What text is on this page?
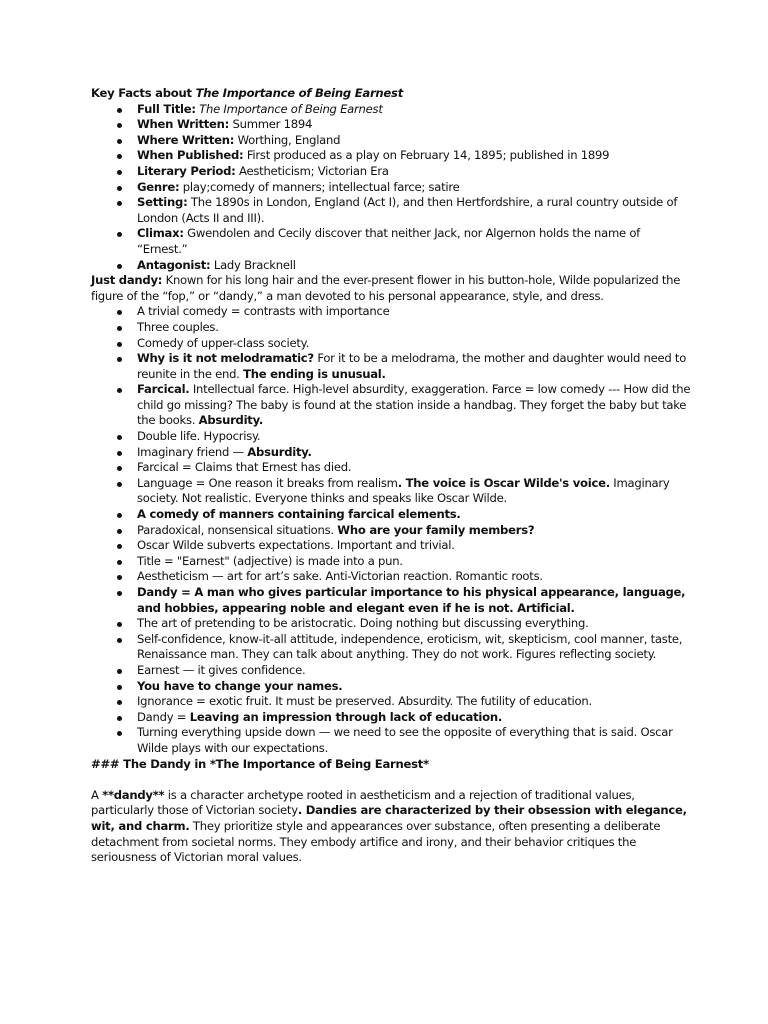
Key Facts about The Importance of Being Earnest

Full Title: The Importance of Being Earnest
When Written: Summer 1894
Where Written: Worthing, England
When Published: First produced as a play on February 14, 1895; published in 1899
Literary Period: Aestheticism; Victorian Era
Genre: play;comedy of manners; intellectual farce; satire
Setting: The 1890s in London, England (Act I), and then Hertfordshire, a rural country outside of London (Acts II and III).
Climax: Gwendolen and Cecily discover that neither Jack, nor Algernon holds the name of “Ernest.”
Antagonist: Lady Bracknell

Just dandy: Known for his long hair and the ever-present flower in his button-hole, Wilde popularized the figure of the “fop,” or “dandy,” a man devoted to his personal appearance, style, and dress.

A trivial comedy = contrasts with importance
Three couples.
Comedy of upper-class society.
Why is it not melodramatic? For it to be a melodrama, the mother and daughter would need to reunite in the end. The ending is unusual.
Farcical. Intellectual farce. High-level absurdity, exaggeration. Farce = low comedy --- How did the child go missing? The baby is found at the station inside a handbag. They forget the baby but take the books. Absurdity.
Double life. Hypocrisy.
Imaginary friend — Absurdity.
Farcical = Claims that Ernest has died.
Language = One reason it breaks from realism. The voice is Oscar Wilde's voice. Imaginary society. Not realistic. Everyone thinks and speaks like Oscar Wilde.
A comedy of manners containing farcical elements.
Paradoxical, nonsensical situations. Who are your family members?
Oscar Wilde subverts expectations. Important and trivial.
Title = "Earnest" (adjective) is made into a pun.
Aestheticism — art for art’s sake. Anti-Victorian reaction. Romantic roots.
Dandy = A man who gives particular importance to his physical appearance, language, and hobbies, appearing noble and elegant even if he is not. Artificial.
The art of pretending to be aristocratic. Doing nothing but discussing everything.
Self-confidence, know-it-all attitude, independence, eroticism, wit, skepticism, cool manner, taste, Renaissance man. They can talk about anything. They do not work. Figures reflecting society.
Earnest — it gives confidence.
You have to change your names.
Ignorance = exotic fruit. It must be preserved. Absurdity. The futility of education.
Dandy = Leaving an impression through lack of education.
Turning everything upside down — we need to see the opposite of everything that is said. Oscar Wilde plays with our expectations.

### The Dandy in *The Importance of Being Earnest*

A **dandy** is a character archetype rooted in aestheticism and a rejection of traditional values, particularly those of Victorian society. Dandies are characterized by their obsession with elegance, wit, and charm. They prioritize style and appearances over substance, often presenting a deliberate detachment from societal norms. They embody artifice and irony, and their behavior critiques the seriousness of Victorian moral values.
